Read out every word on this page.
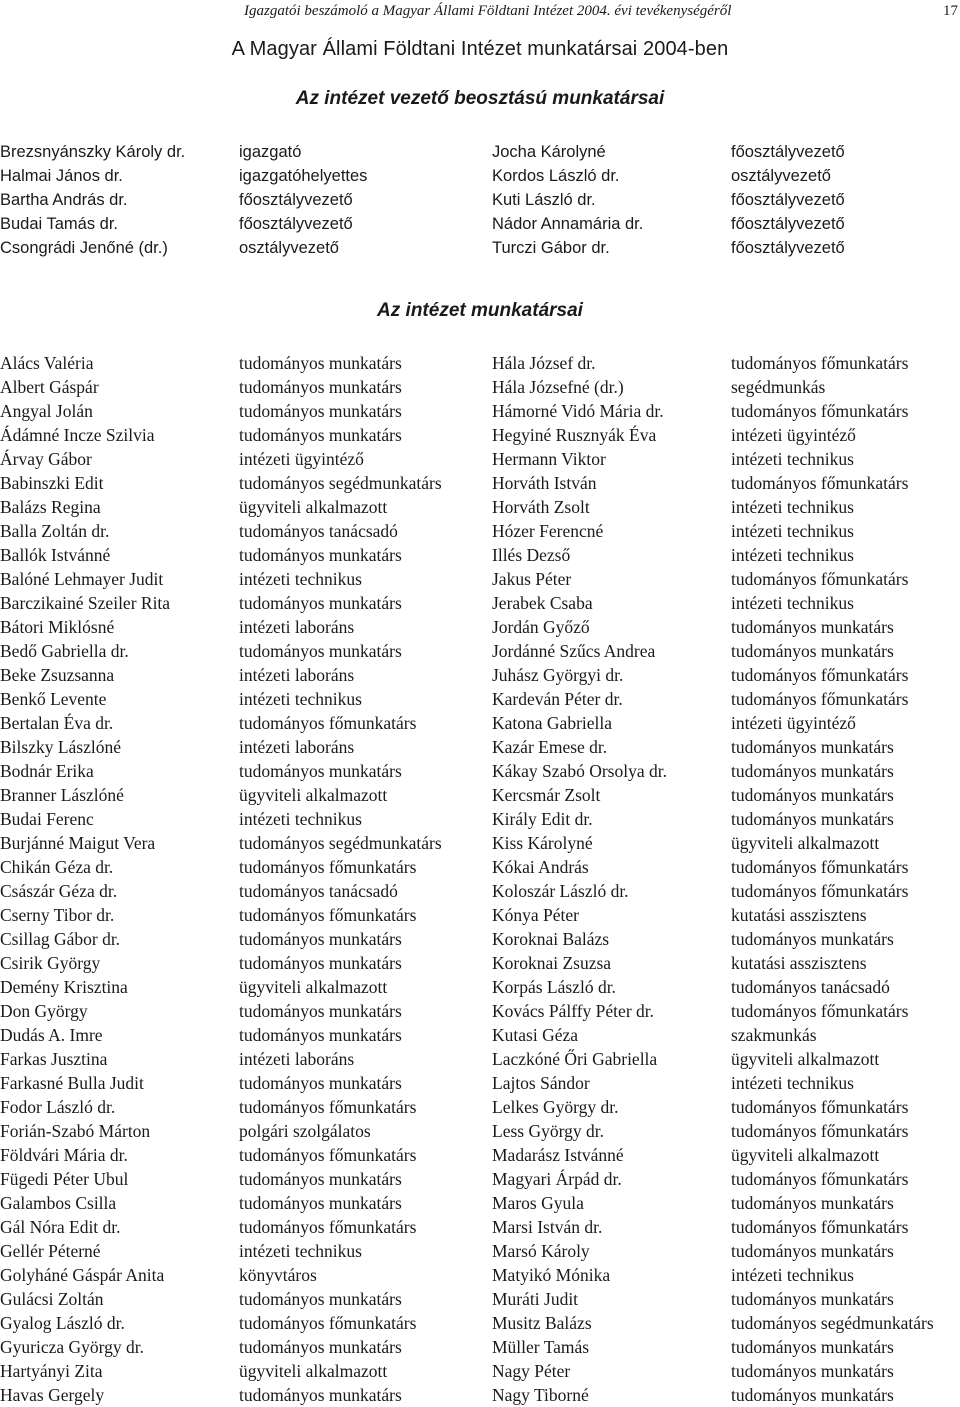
Igazgatói beszámoló a Magyar Állami Földtani Intézet 2004. évi tevékenységéről	17
A Magyar Állami Földtani Intézet munkatársai 2004-ben
Az intézet vezető beosztású munkatársai
Brezsnyánszky Károly dr.	igazgató	Jocha Károlyné	főosztályvezető
Halmai János dr.	igazgatóhelyettes	Kordos László dr.	osztályvezető
Bartha András dr.	főosztályvezető	Kuti László dr.	főosztályvezető
Budai Tamás dr.	főosztályvezető	Nádor Annamária dr.	főosztályvezető
Csongrádi Jenőné (dr.)	osztályvezető	Turczi Gábor dr.	főosztályvezető
Az intézet munkatársai
Alács Valéria	tudományos munkatárs	Hála József dr.	tudományos főmunkatárs
Albert Gáspár	tudományos munkatárs	Hála Józsefné (dr.)	segédmunkás
Angyal Jolán	tudományos munkatárs	Hámorné Vidó Mária dr.	tudományos főmunkatárs
Ádámné Incze Szilvia	tudományos munkatárs	Hegyiné Rusznyák Éva	intézeti ügyintéző
Árvay Gábor	intézeti ügyintéző	Hermann Viktor	intézeti technikus
Babinszki Edit	tudományos segédmunkatárs	Horváth István	tudományos főmunkatárs
Balázs Regina	ügyviteli alkalmazott	Horváth Zsolt	intézeti technikus
Balla Zoltán dr.	tudományos tanácsadó	Hózer Ferencné	intézeti technikus
Ballók Istvánné	tudományos munkatárs	Illés Dezső	intézeti technikus
Balóné Lehmayer Judit	intézeti technikus	Jakus Péter	tudományos főmunkatárs
Barczikainé Szeiler Rita	tudományos munkatárs	Jerabek Csaba	intézeti technikus
Bátori Miklósné	intézeti laboráns	Jordán Győző	tudományos munkatárs
Bedő Gabriella dr.	tudományos munkatárs	Jordánné Szűcs Andrea	tudományos munkatárs
Beke Zsuzsanna	intézeti laboráns	Juhász Györgyi dr.	tudományos főmunkatárs
Benkő Levente	intézeti technikus	Kardeván Péter dr.	tudományos főmunkatárs
Bertalan Éva dr.	tudományos főmunkatárs	Katona Gabriella	intézeti ügyintéző
Bilszky Lászlóné	intézeti laboráns	Kazár Emese dr.	tudományos munkatárs
Bodnár Erika	tudományos munkatárs	Kákay Szabó Orsolya dr.	tudományos munkatárs
Branner Lászlóné	ügyviteli alkalmazott	Kercsmár Zsolt	tudományos munkatárs
Budai Ferenc	intézeti technikus	Király Edit dr.	tudományos munkatárs
Burjánné Maigut Vera	tudományos segédmunkatárs	Kiss Károlyné	ügyviteli alkalmazott
Chikán Géza dr.	tudományos főmunkatárs	Kókai András	tudományos főmunkatárs
Császár Géza dr.	tudományos tanácsadó	Koloszár László dr.	tudományos főmunkatárs
Cserny Tibor dr.	tudományos főmunkatárs	Kónya Péter	kutatási asszisztens
Csillag Gábor dr.	tudományos munkatárs	Koroknai Balázs	tudományos munkatárs
Csirik György	tudományos munkatárs	Koroknai Zsuzsa	kutatási asszisztens
Demény Krisztina	ügyviteli alkalmazott	Korpás László dr.	tudományos tanácsadó
Don György	tudományos munkatárs	Kovács Pálffy Péter dr.	tudományos főmunkatárs
Dudás A. Imre	tudományos munkatárs	Kutasi Géza	szakmunkás
Farkas Jusztina	intézeti laboráns	Laczkóné Őri Gabriella	ügyviteli alkalmazott
Farkasné Bulla Judit	tudományos munkatárs	Lajtos Sándor	intézeti technikus
Fodor László dr.	tudományos főmunkatárs	Lelkes György dr.	tudományos főmunkatárs
Forián-Szabó Márton	polgári szolgálatos	Less György dr.	tudományos főmunkatárs
Földvári Mária dr.	tudományos főmunkatárs	Madarász Istvánné	ügyviteli alkalmazott
Fügedi Péter Ubul	tudományos munkatárs	Magyari Árpád dr.	tudományos főmunkatárs
Galambos Csilla	tudományos munkatárs	Maros Gyula	tudományos munkatárs
Gál Nóra Edit dr.	tudományos főmunkatárs	Marsi István dr.	tudományos főmunkatárs
Gellér Péterné	intézeti technikus	Marsó Károly	tudományos munkatárs
Golyháné Gáspár Anita	könyvtáros	Matyikó Mónika	intézeti technikus
Gulácsi Zoltán	tudományos munkatárs	Muráti Judit	tudományos munkatárs
Gyalog László dr.	tudományos főmunkatárs	Musitz Balázs	tudományos segédmunkatárs
Gyuricza György dr.	tudományos munkatárs	Müller Tamás	tudományos munkatárs
Hartyányi Zita	ügyviteli alkalmazott	Nagy Péter	tudományos munkatárs
Havas Gergely	tudományos munkatárs	Nagy Tiborné	tudományos munkatárs
